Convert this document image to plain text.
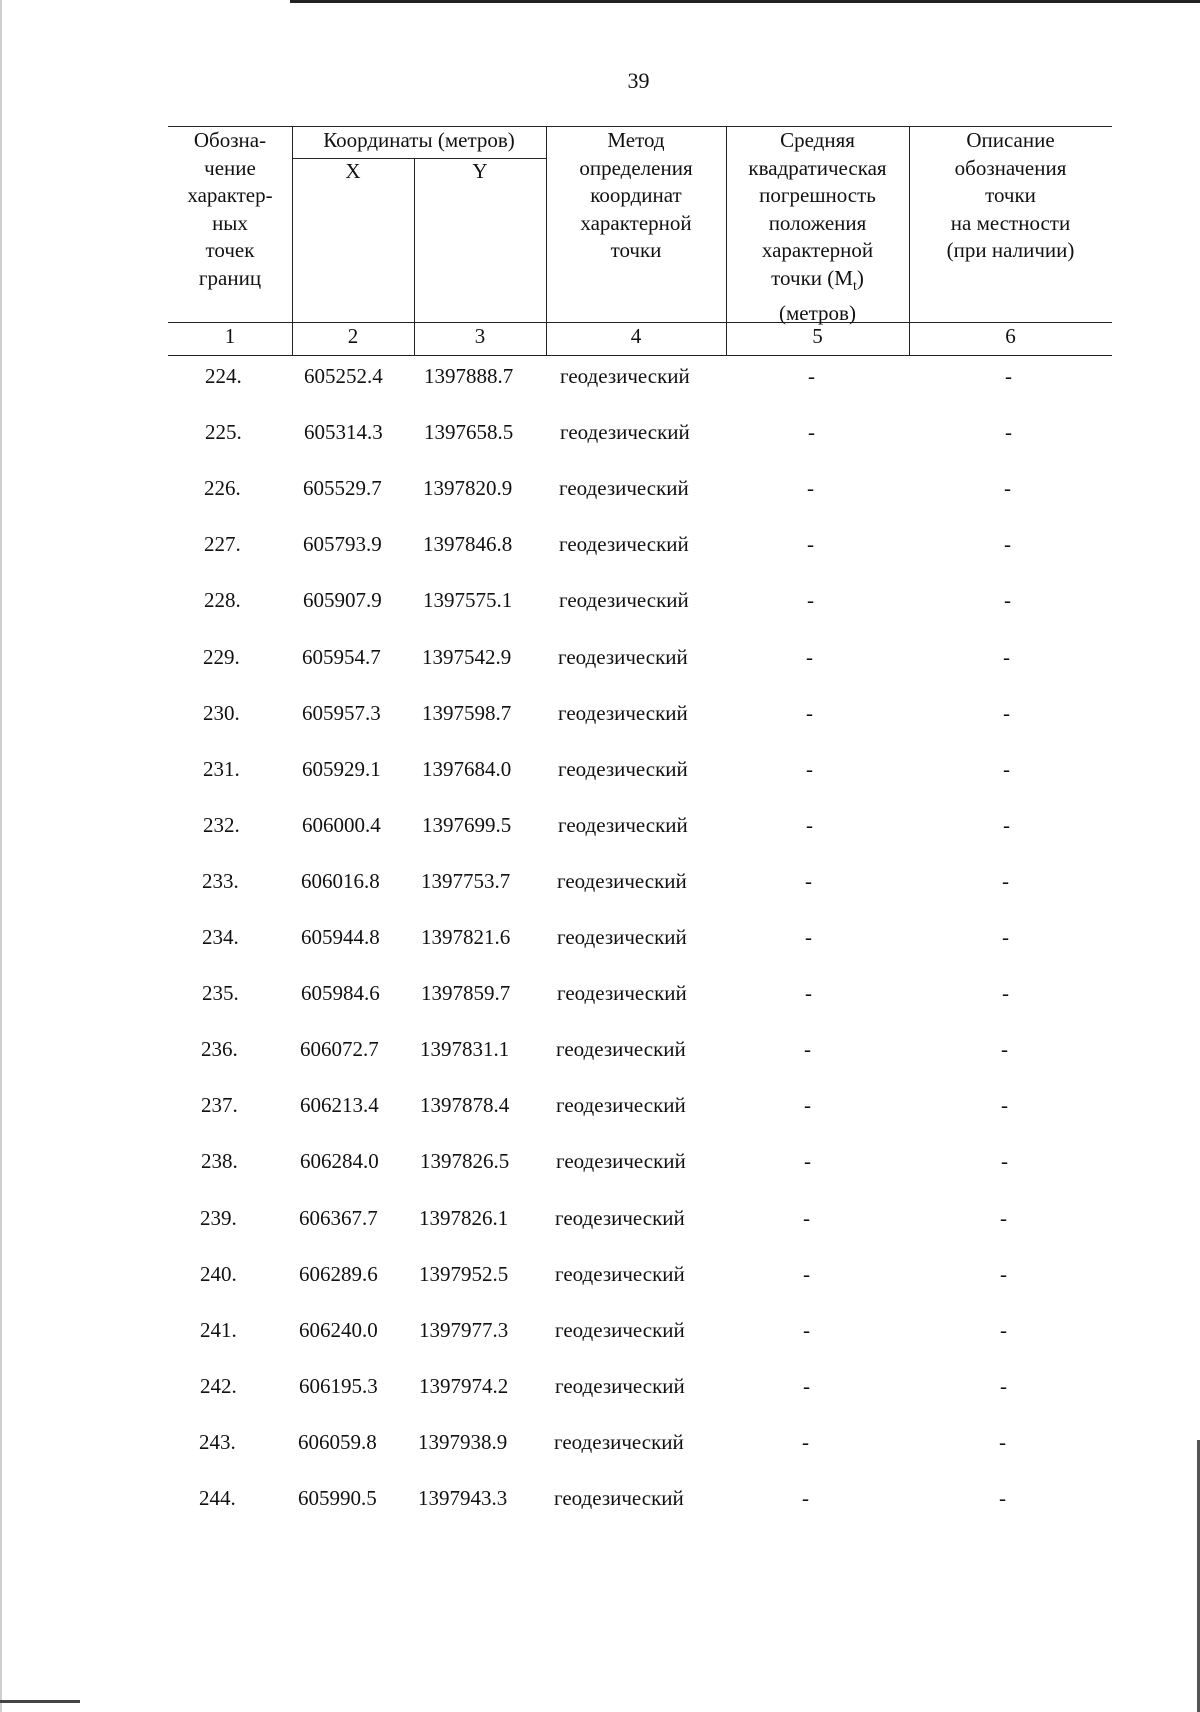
39
Обозна-
чение
характер-
ных
точек
границ
Координаты (метров)
X	Y
Метод
определения
координат
характерной
точки
Средняя
квадратическая
погрешность
положения
характерной
точки $(M_t)$
(метров)
Описание
обозначения
точки
на местности
(при наличии)
1	2	3	4	5	6
224.	605252.4 1397888.7 геодезический	-	-
225.	605314.3 1397658.5 геодезический	-	-
226.	605529.7 1397820.9 геодезический	-	-
227.	605793.9 1397846.8 геодезический	-	-
228.	605907.9 1397575.1 геодезический	-	-
229.	605954.7 1397542.9 геодезический	-	-
230.	605957.3 1397598.7 геодезический	-	-
231.	605929.1 1397684.0 геодезический	-	-
232.	606000.4 1397699.5 геодезический	-	-
233.	606016.8 1397753.7 геодезический	-	-
234.	605944.8 1397821.6 геодезический	-	-
235.	605984.6 1397859.7 геодезический	-	-
236.	606072.7 1397831.1 геодезический	-	-
237.	606213.4 1397878.4 геодезический	-	-
238.	606284.0 1397826.5 геодезический	-	-
239.	606367.7 1397826.1 геодезический	-	-
240.	606289.6 1397952.5 геодезический	-	-
241.	606240.0 1397977.3 геодезический	-	-
242.	606195.3 1397974.2 геодезический	-	-
243.	606059.8 1397938.9 геодезический	-	-
244.	605990.5 1397943.3 геодезический	-	-
